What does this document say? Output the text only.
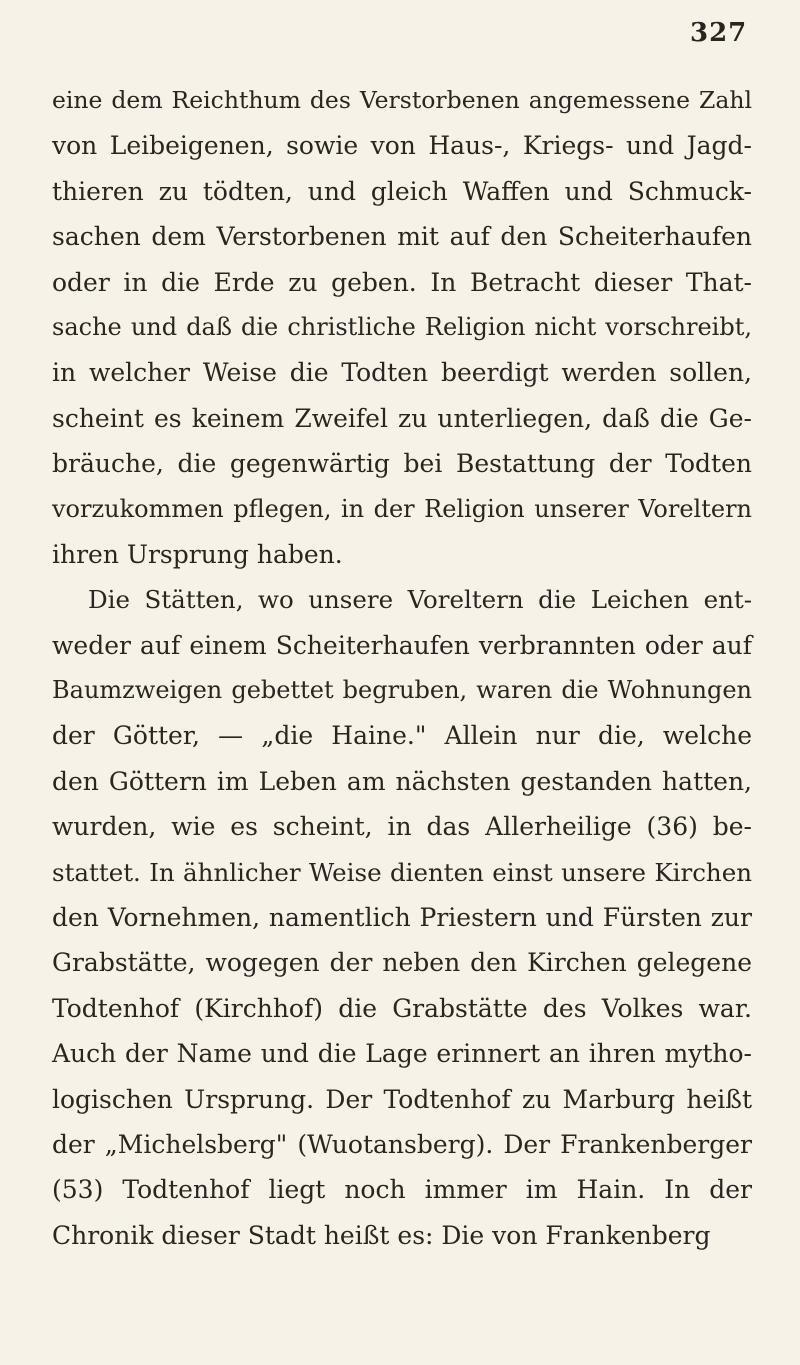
327
eine dem Reichthum des Verstorbenen angemessene Zahl
von Leibeigenen, sowie von Haus-, Kriegs- und Jagd-
thieren zu tödten, und gleich Waffen und Schmuck-
sachen dem Verstorbenen mit auf den Scheiterhaufen
oder in die Erde zu geben. In Betracht dieser That-
sache und daß die christliche Religion nicht vorschreibt,
in welcher Weise die Todten beerdigt werden sollen,
scheint es keinem Zweifel zu unterliegen, daß die Ge-
bräuche, die gegenwärtig bei Bestattung der Todten
vorzukommen pflegen, in der Religion unserer Voreltern
ihren Ursprung haben.
Die Stätten, wo unsere Voreltern die Leichen ent-
weder auf einem Scheiterhaufen verbrannten oder auf
Baumzweigen gebettet begruben, waren die Wohnungen
der Götter, — „die Haine." Allein nur die, welche
den Göttern im Leben am nächsten gestanden hatten,
wurden, wie es scheint, in das Allerheilige (36) be-
stattet. In ähnlicher Weise dienten einst unsere Kirchen
den Vornehmen, namentlich Priestern und Fürsten zur
Grabstätte, wogegen der neben den Kirchen gelegene
Todtenhof (Kirchhof) die Grabstätte des Volkes war.
Auch der Name und die Lage erinnert an ihren mytho-
logischen Ursprung. Der Todtenhof zu Marburg heißt
der „Michelsberg" (Wuotansberg). Der Frankenberger
(53) Todtenhof liegt noch immer im Hain. In der
Chronik dieser Stadt heißt es: Die von Frankenberg
